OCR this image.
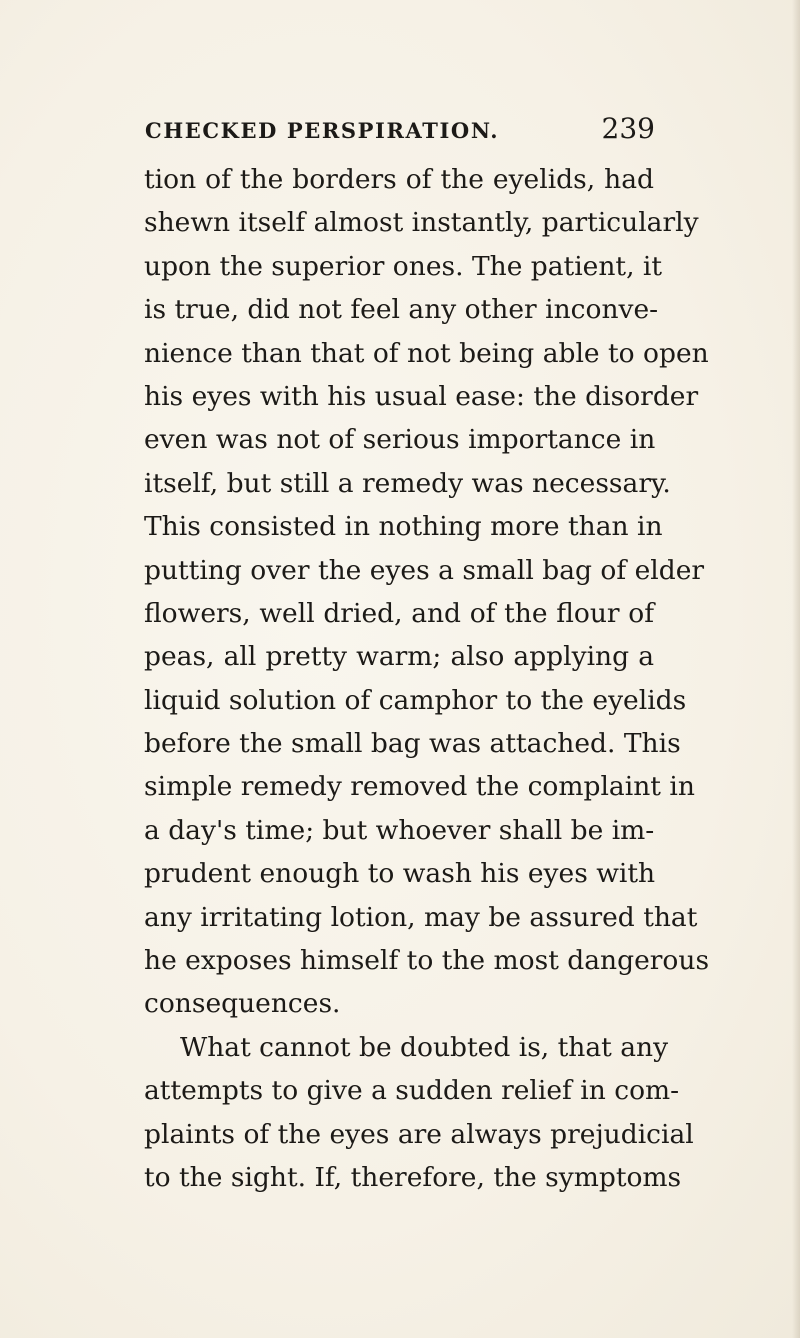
CHECKED PERSPIRATION.	239
tion of the borders of the eyelids, had
shewn itself almost instantly, particularly
upon the superior ones. The patient, it
is true, did not feel any other inconve-
nience than that of not being able to open
his eyes with his usual ease: the disorder
even was not of serious importance in
itself, but still a remedy was necessary.
This consisted in nothing more than in
putting over the eyes a small bag of elder
flowers, well dried, and of the flour of
peas, all pretty warm; also applying a
liquid solution of camphor to the eyelids
before the small bag was attached. This
simple remedy removed the complaint in
a day's time; but whoever shall be im-
prudent enough to wash his eyes with
any irritating lotion, may be assured that
he exposes himself to the most dangerous
consequences.
What cannot be doubted is, that any
attempts to give a sudden relief in com-
plaints of the eyes are always prejudicial
to the sight. If, therefore, the symptoms
